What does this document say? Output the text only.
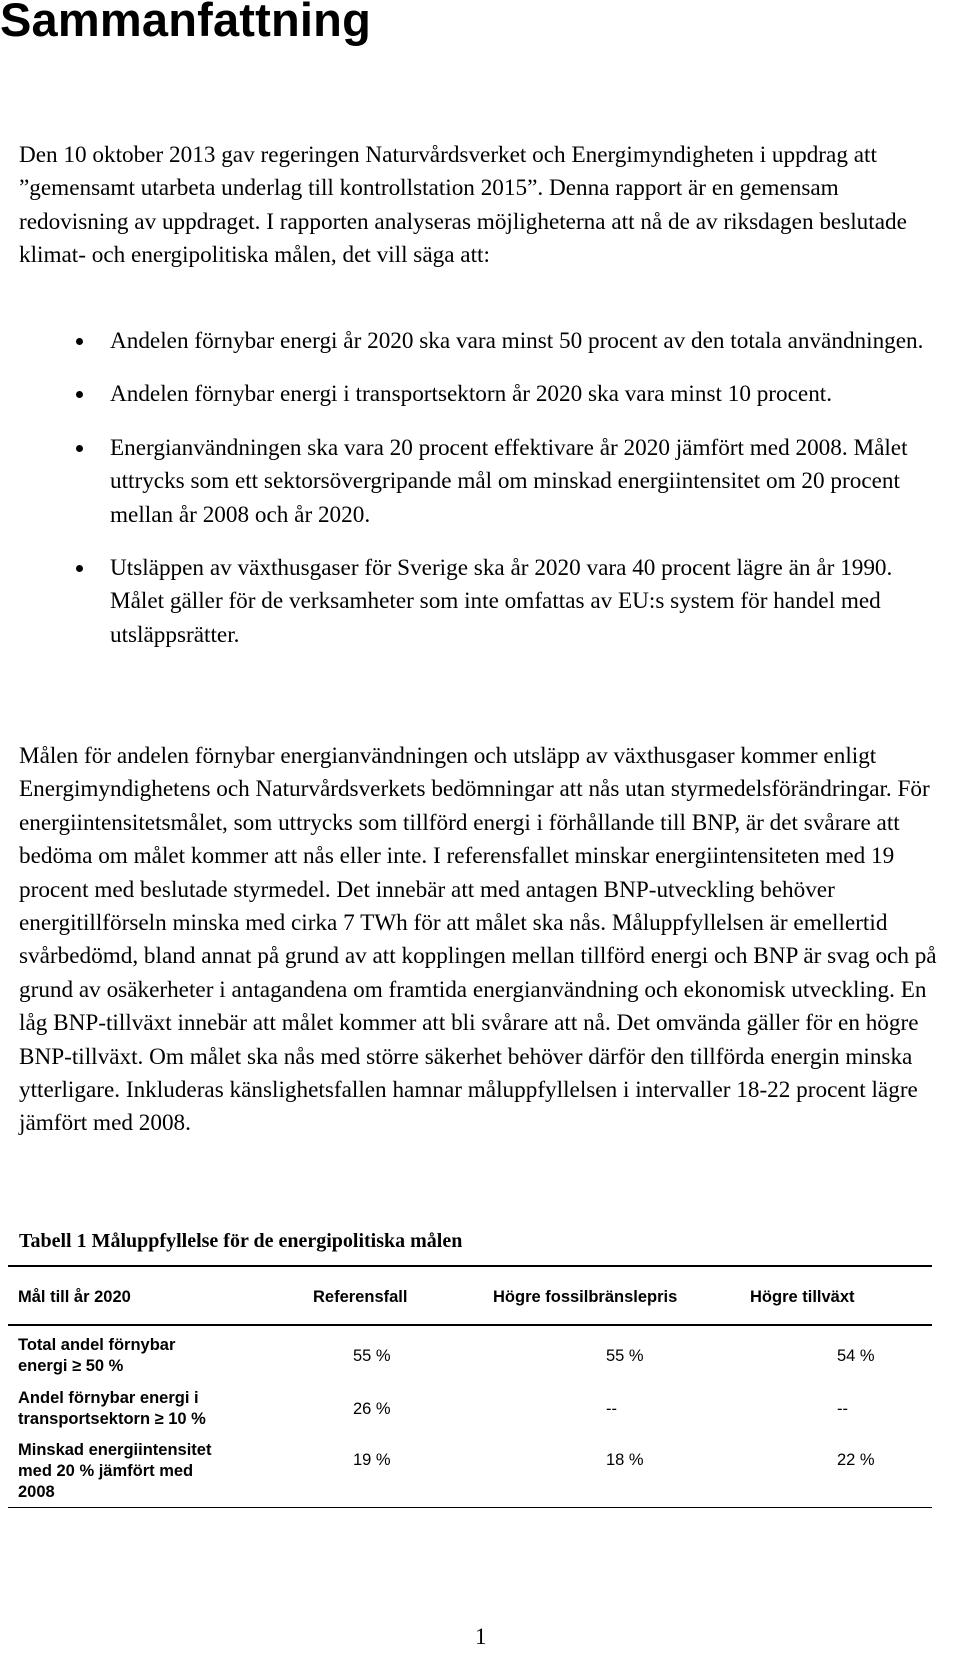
Sammanfattning

Den 10 oktober 2013 gav regeringen Naturvårdsverket och Energimyndigheten i uppdrag att ”gemensamt utarbeta underlag till kontrollstation 2015”. Denna rapport är en gemensam redovisning av uppdraget. I rapporten analyseras möjligheterna att nå de av riksdagen beslutade klimat- och energipolitiska målen, det vill säga att:

Andelen förnybar energi år 2020 ska vara minst 50 procent av den totala användningen.
Andelen förnybar energi i transportsektorn år 2020 ska vara minst 10 procent.
Energianvändningen ska vara 20 procent effektivare år 2020 jämfört med 2008. Målet uttrycks som ett sektorsövergripande mål om minskad energiintensitet om 20 procent mellan år 2008 och år 2020.
Utsläppen av växthusgaser för Sverige ska år 2020 vara 40 procent lägre än år 1990. Målet gäller för de verksamheter som inte omfattas av EU:s system för handel med utsläppsrätter.

Målen för andelen förnybar energianvändningen och utsläpp av växthusgaser kommer enligt Energimyndighetens och Naturvårdsverkets bedömningar att nås utan styrmedelsförändringar. För energiintensitetsmålet, som uttrycks som tillförd energi i förhållande till BNP, är det svårare att bedöma om målet kommer att nås eller inte. I referensfallet minskar energiintensiteten med 19 procent med beslutade styrmedel. Det innebär att med antagen BNP-utveckling behöver energitillförseln minska med cirka 7 TWh för att målet ska nås. Måluppfyllelsen är emellertid svårbedömd, bland annat på grund av att kopplingen mellan tillförd energi och BNP är svag och på grund av osäkerheter i antagandena om framtida energianvändning och ekonomisk utveckling. En låg BNP-tillväxt innebär att målet kommer att bli svårare att nå. Det omvända gäller för en högre BNP-tillväxt. Om målet ska nås med större säkerhet behöver därför den tillförda energin minska ytterligare. Inkluderas känslighetsfallen hamnar måluppfyllelsen i intervaller 18-22 procent lägre jämfört med 2008.

Tabell 1 Måluppfyllelse för de energipolitiska målen

Mål till år 2020	Referensfall	Högre fossilbränslepris	Högre tillväxt
Total andel förnybar
energi ≥ 50 %
55 %	55 %	54 %
Andel förnybar energi i
transportsektorn ≥ 10 %
26 %	--	--
Minskad energiintensitet
med 20 % jämfört med
2008
19 %	18 %	22 %
1
